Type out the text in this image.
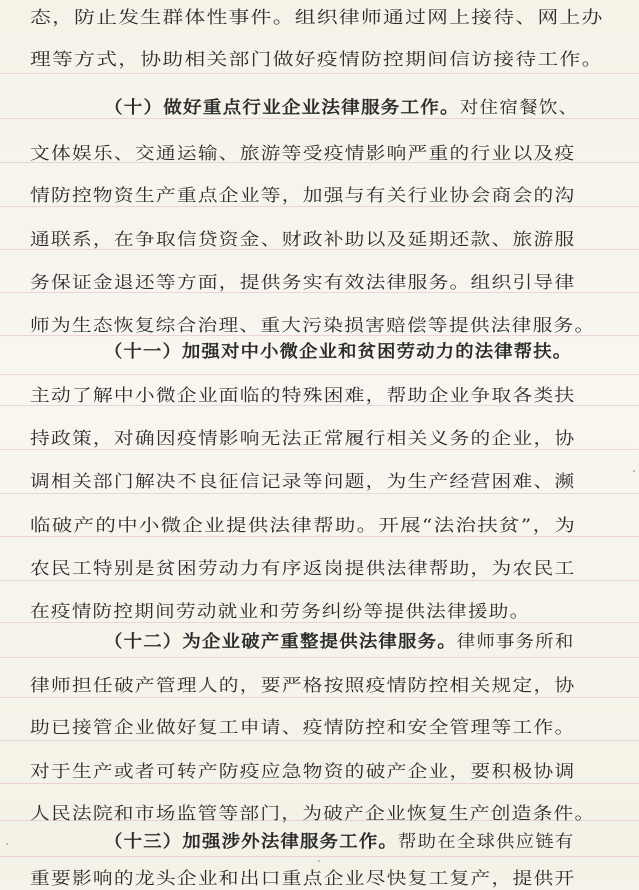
态，防止发生群体性事件。组织律师通过网上接待、网上办
理等方式，协助相关部门做好疫情防控期间信访接待工作。
（十）做好重点行业企业法律服务工作。对住宿餐饮、
文体娱乐、交通运输、旅游等受疫情影响严重的行业以及疫
情防控物资生产重点企业等，加强与有关行业协会商会的沟
通联系，在争取信贷资金、财政补助以及延期还款、旅游服
务保证金退还等方面，提供务实有效法律服务。组织引导律
师为生态恢复综合治理、重大污染损害赔偿等提供法律服务。
（十一）加强对中小微企业和贫困劳动力的法律帮扶。
主动了解中小微企业面临的特殊困难，帮助企业争取各类扶
持政策，对确因疫情影响无法正常履行相关义务的企业，协
调相关部门解决不良征信记录等问题，为生产经营困难、濒
临破产的中小微企业提供法律帮助。开展“法治扶贫”，为
农民工特别是贫困劳动力有序返岗提供法律帮助，为农民工
在疫情防控期间劳动就业和劳务纠纷等提供法律援助。
（十二）为企业破产重整提供法律服务。律师事务所和
律师担任破产管理人的，要严格按照疫情防控相关规定，协
助已接管企业做好复工申请、疫情防控和安全管理等工作。
对于生产或者可转产防疫应急物资的破产企业，要积极协调
人民法院和市场监管等部门，为破产企业恢复生产创造条件。
（十三）加强涉外法律服务工作。帮助在全球供应链有
重要影响的龙头企业和出口重点企业尽快复工复产，提供开
